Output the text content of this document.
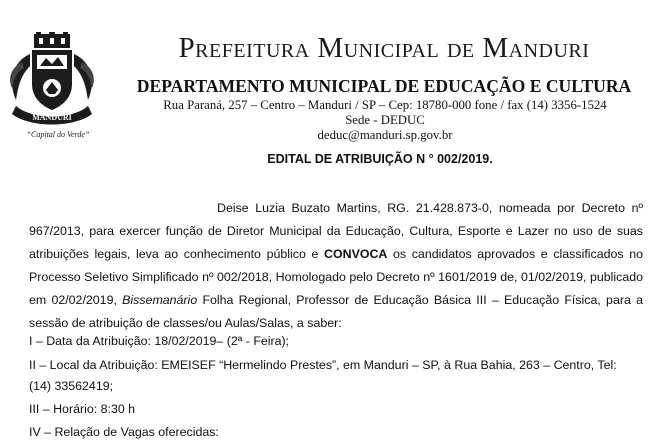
MANDURI
“Capital do Verde”
Prefeitura Municipal de Manduri
DEPARTAMENTO MUNICIPAL DE EDUCAÇÃO E CULTURA
Rua Paraná, 257 – Centro – Manduri / SP – Cep: 18780-000 fone / fax (14) 3356-1524
Sede - DEDUC
deduc@manduri.sp.gov.br
EDITAL DE ATRIBUIÇÃO N ° 002/2019.
Deise Luzia Buzato Martins, RG. 21.428.873-0, nomeada por Decreto nº 967/2013, para exercer função de Diretor Municipal da Educação, Cultura, Esporte e Lazer no uso de suas atribuições legais, leva ao conhecimento público e CONVOCA os candidatos aprovados e classificados no Processo Seletivo Simplificado nº 002/2018, Homologado pelo Decreto nº 1601/2019 de, 01/02/2019, publicado em 02/02/2019, Bissemanário Folha Regional, Professor de Educação Básica III – Educação Física, para a sessão de atribuição de classes/ou Aulas/Salas, a saber:
I – Data da Atribuição: 18/02/2019– (2ª - Feira);
II – Local da Atribuição: EMEISEF “Hermelindo Prestes”, em Manduri – SP, à Rua Bahia, 263 – Centro, Tel:
(14) 33562419;
III – Horário: 8:30 h
IV – Relação de Vagas oferecidas:
